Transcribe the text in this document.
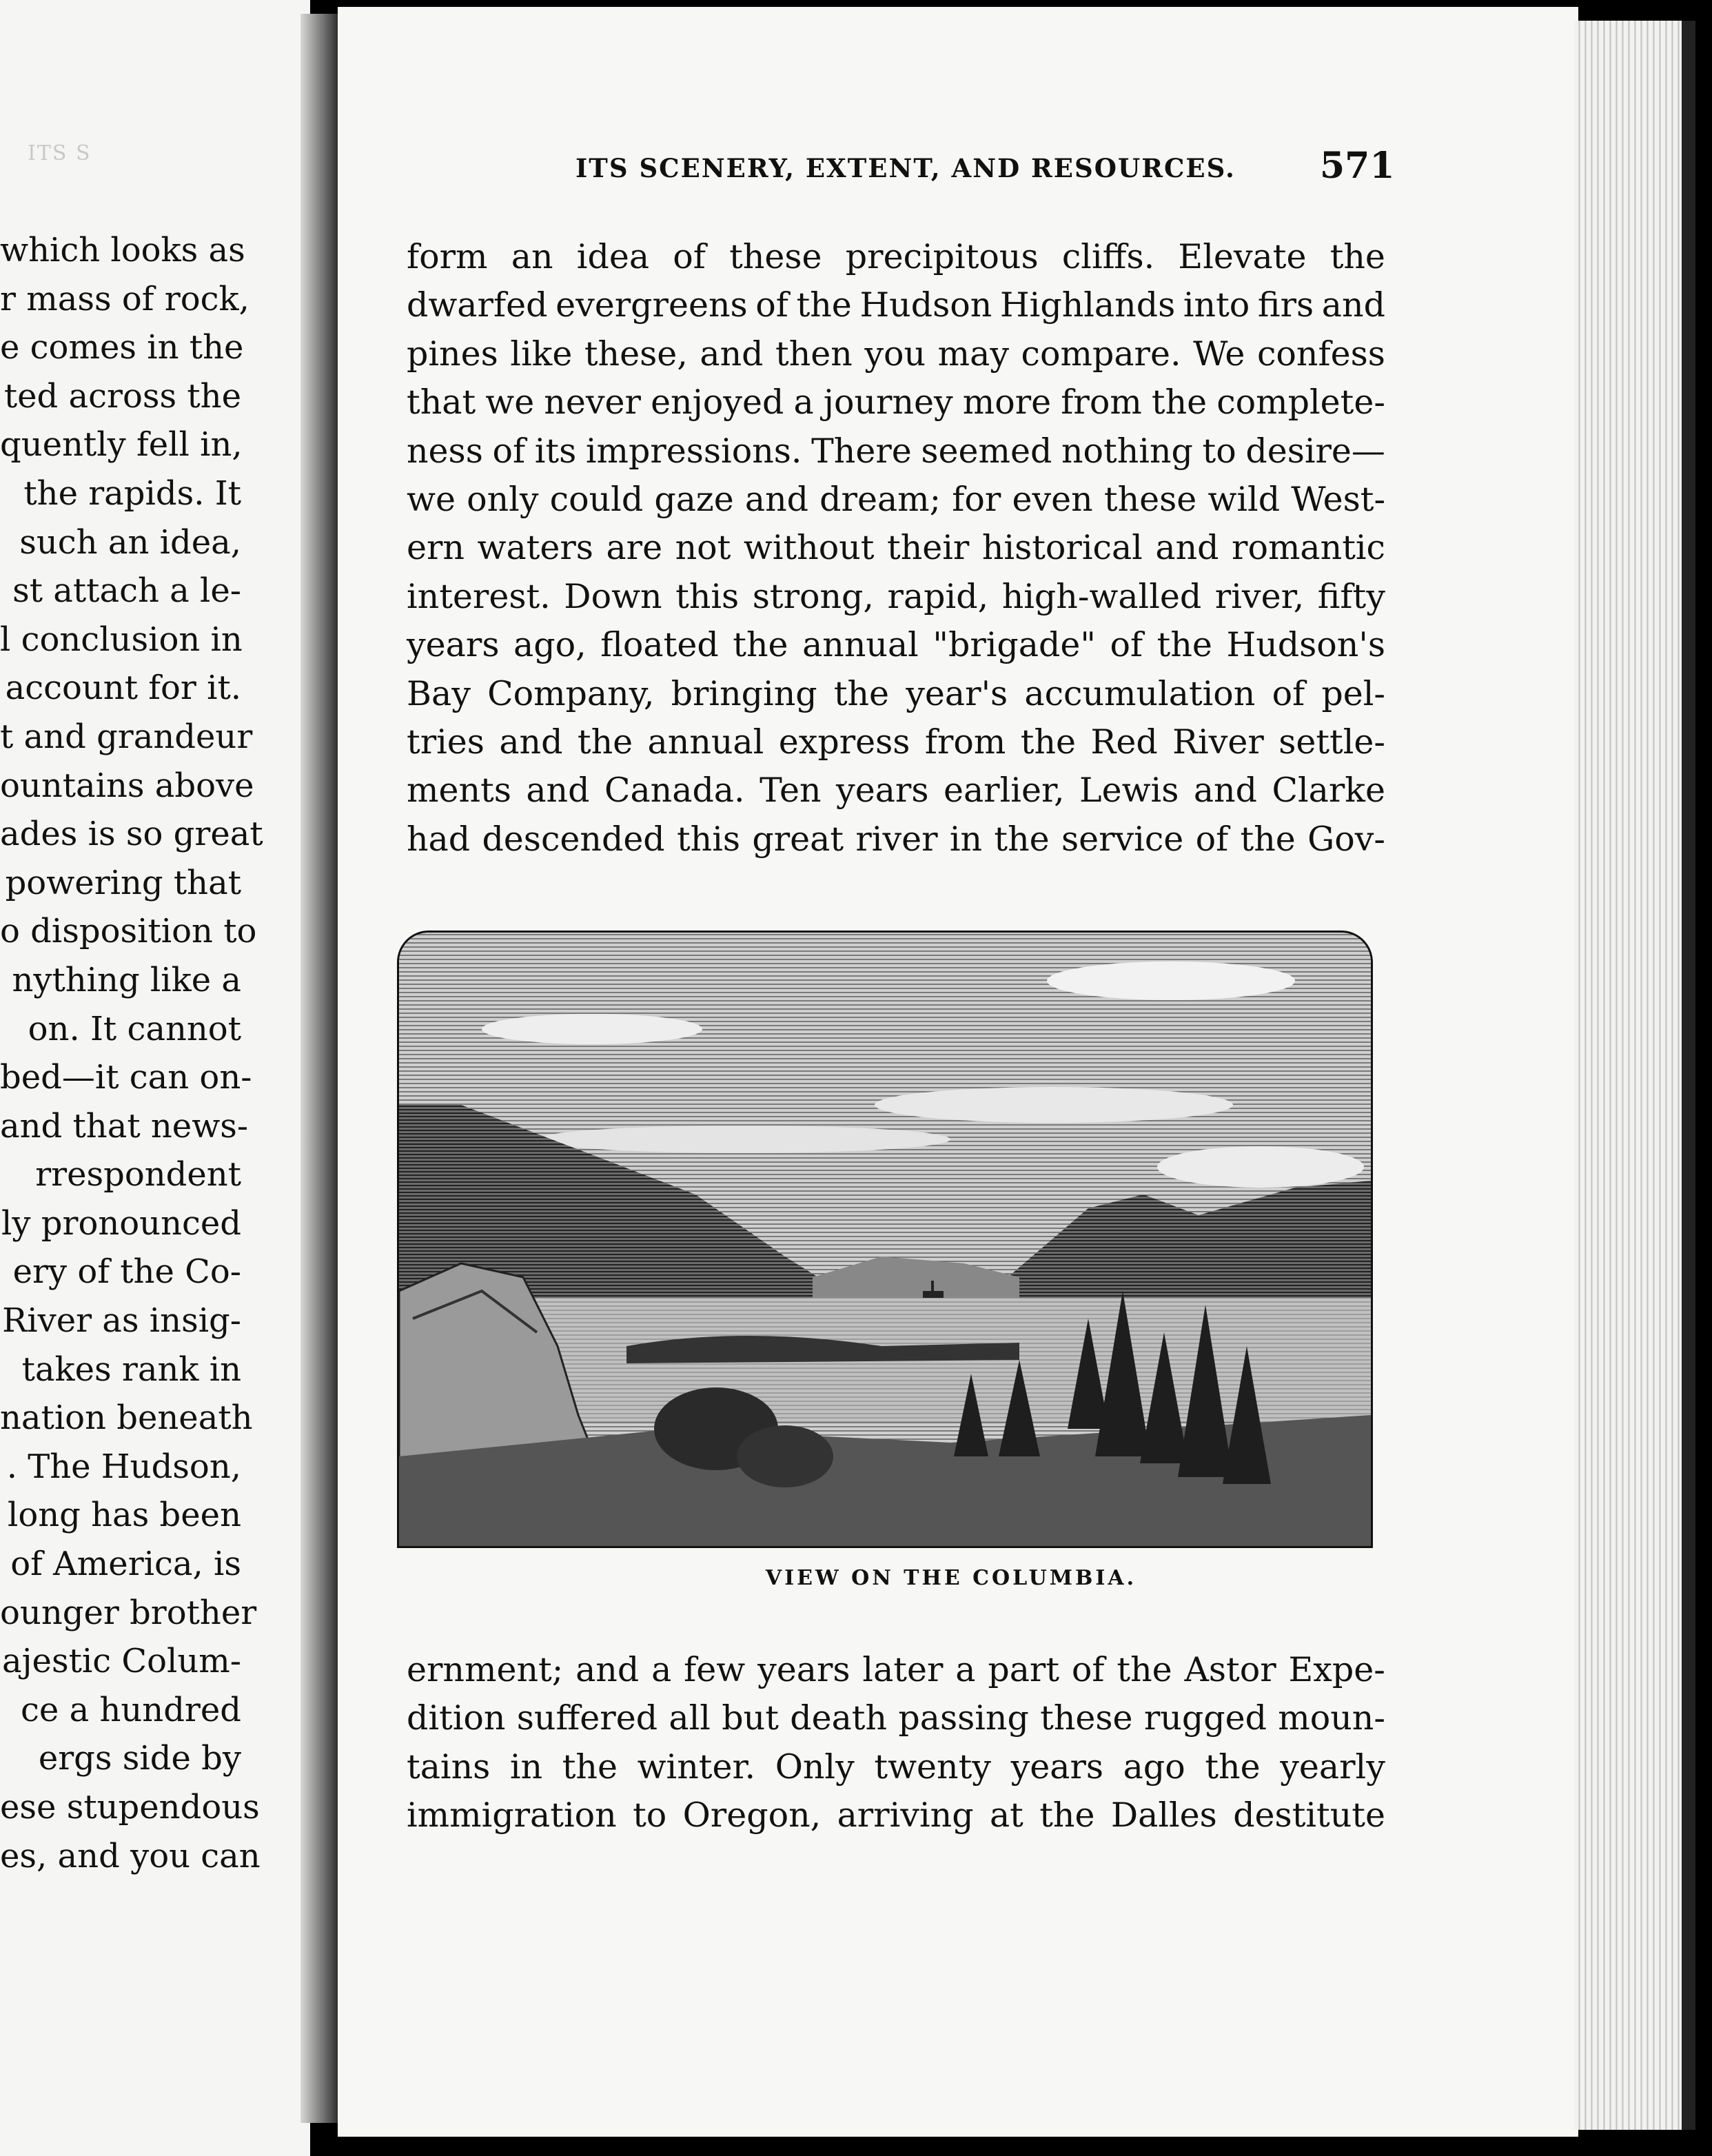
ITS S
which looks as
r mass of rock,
e comes in the
ted across the
quently fell in,
the rapids. It
such an idea,
st attach a le-
l conclusion in
account for it.
t and grandeur
ountains above
ades is so great
powering that
o disposition to
nything like a
on. It cannot
bed—it can on-
and that news-
rrespondent
ly pronounced
ery of the Co-
River as insig-
takes rank in
nation beneath
. The Hudson,
long has been
of America, is
ounger brother
ajestic Colum-
ce a hundred
ergs side by
ese stupendous
es, and you can
ITS SCENERY, EXTENT, AND RESOURCES. 571
form an idea of these precipitous cliffs. Elevate the
dwarfed evergreens of the Hudson Highlands into firs and
pines like these, and then you may compare. We confess
that we never enjoyed a journey more from the complete-
ness of its impressions. There seemed nothing to desire—
we only could gaze and dream; for even these wild West-
ern waters are not without their historical and romantic
interest. Down this strong, rapid, high-walled river, fifty
years ago, floated the annual "brigade" of the Hudson's
Bay Company, bringing the year's accumulation of pel-
tries and the annual express from the Red River settle-
ments and Canada. Ten years earlier, Lewis and Clarke
had descended this great river in the service of the Gov-
VIEW ON THE COLUMBIA.
ernment; and a few years later a part of the Astor Expe-
dition suffered all but death passing these rugged moun-
tains in the winter. Only twenty years ago the yearly
immigration to Oregon, arriving at the Dalles destitute
